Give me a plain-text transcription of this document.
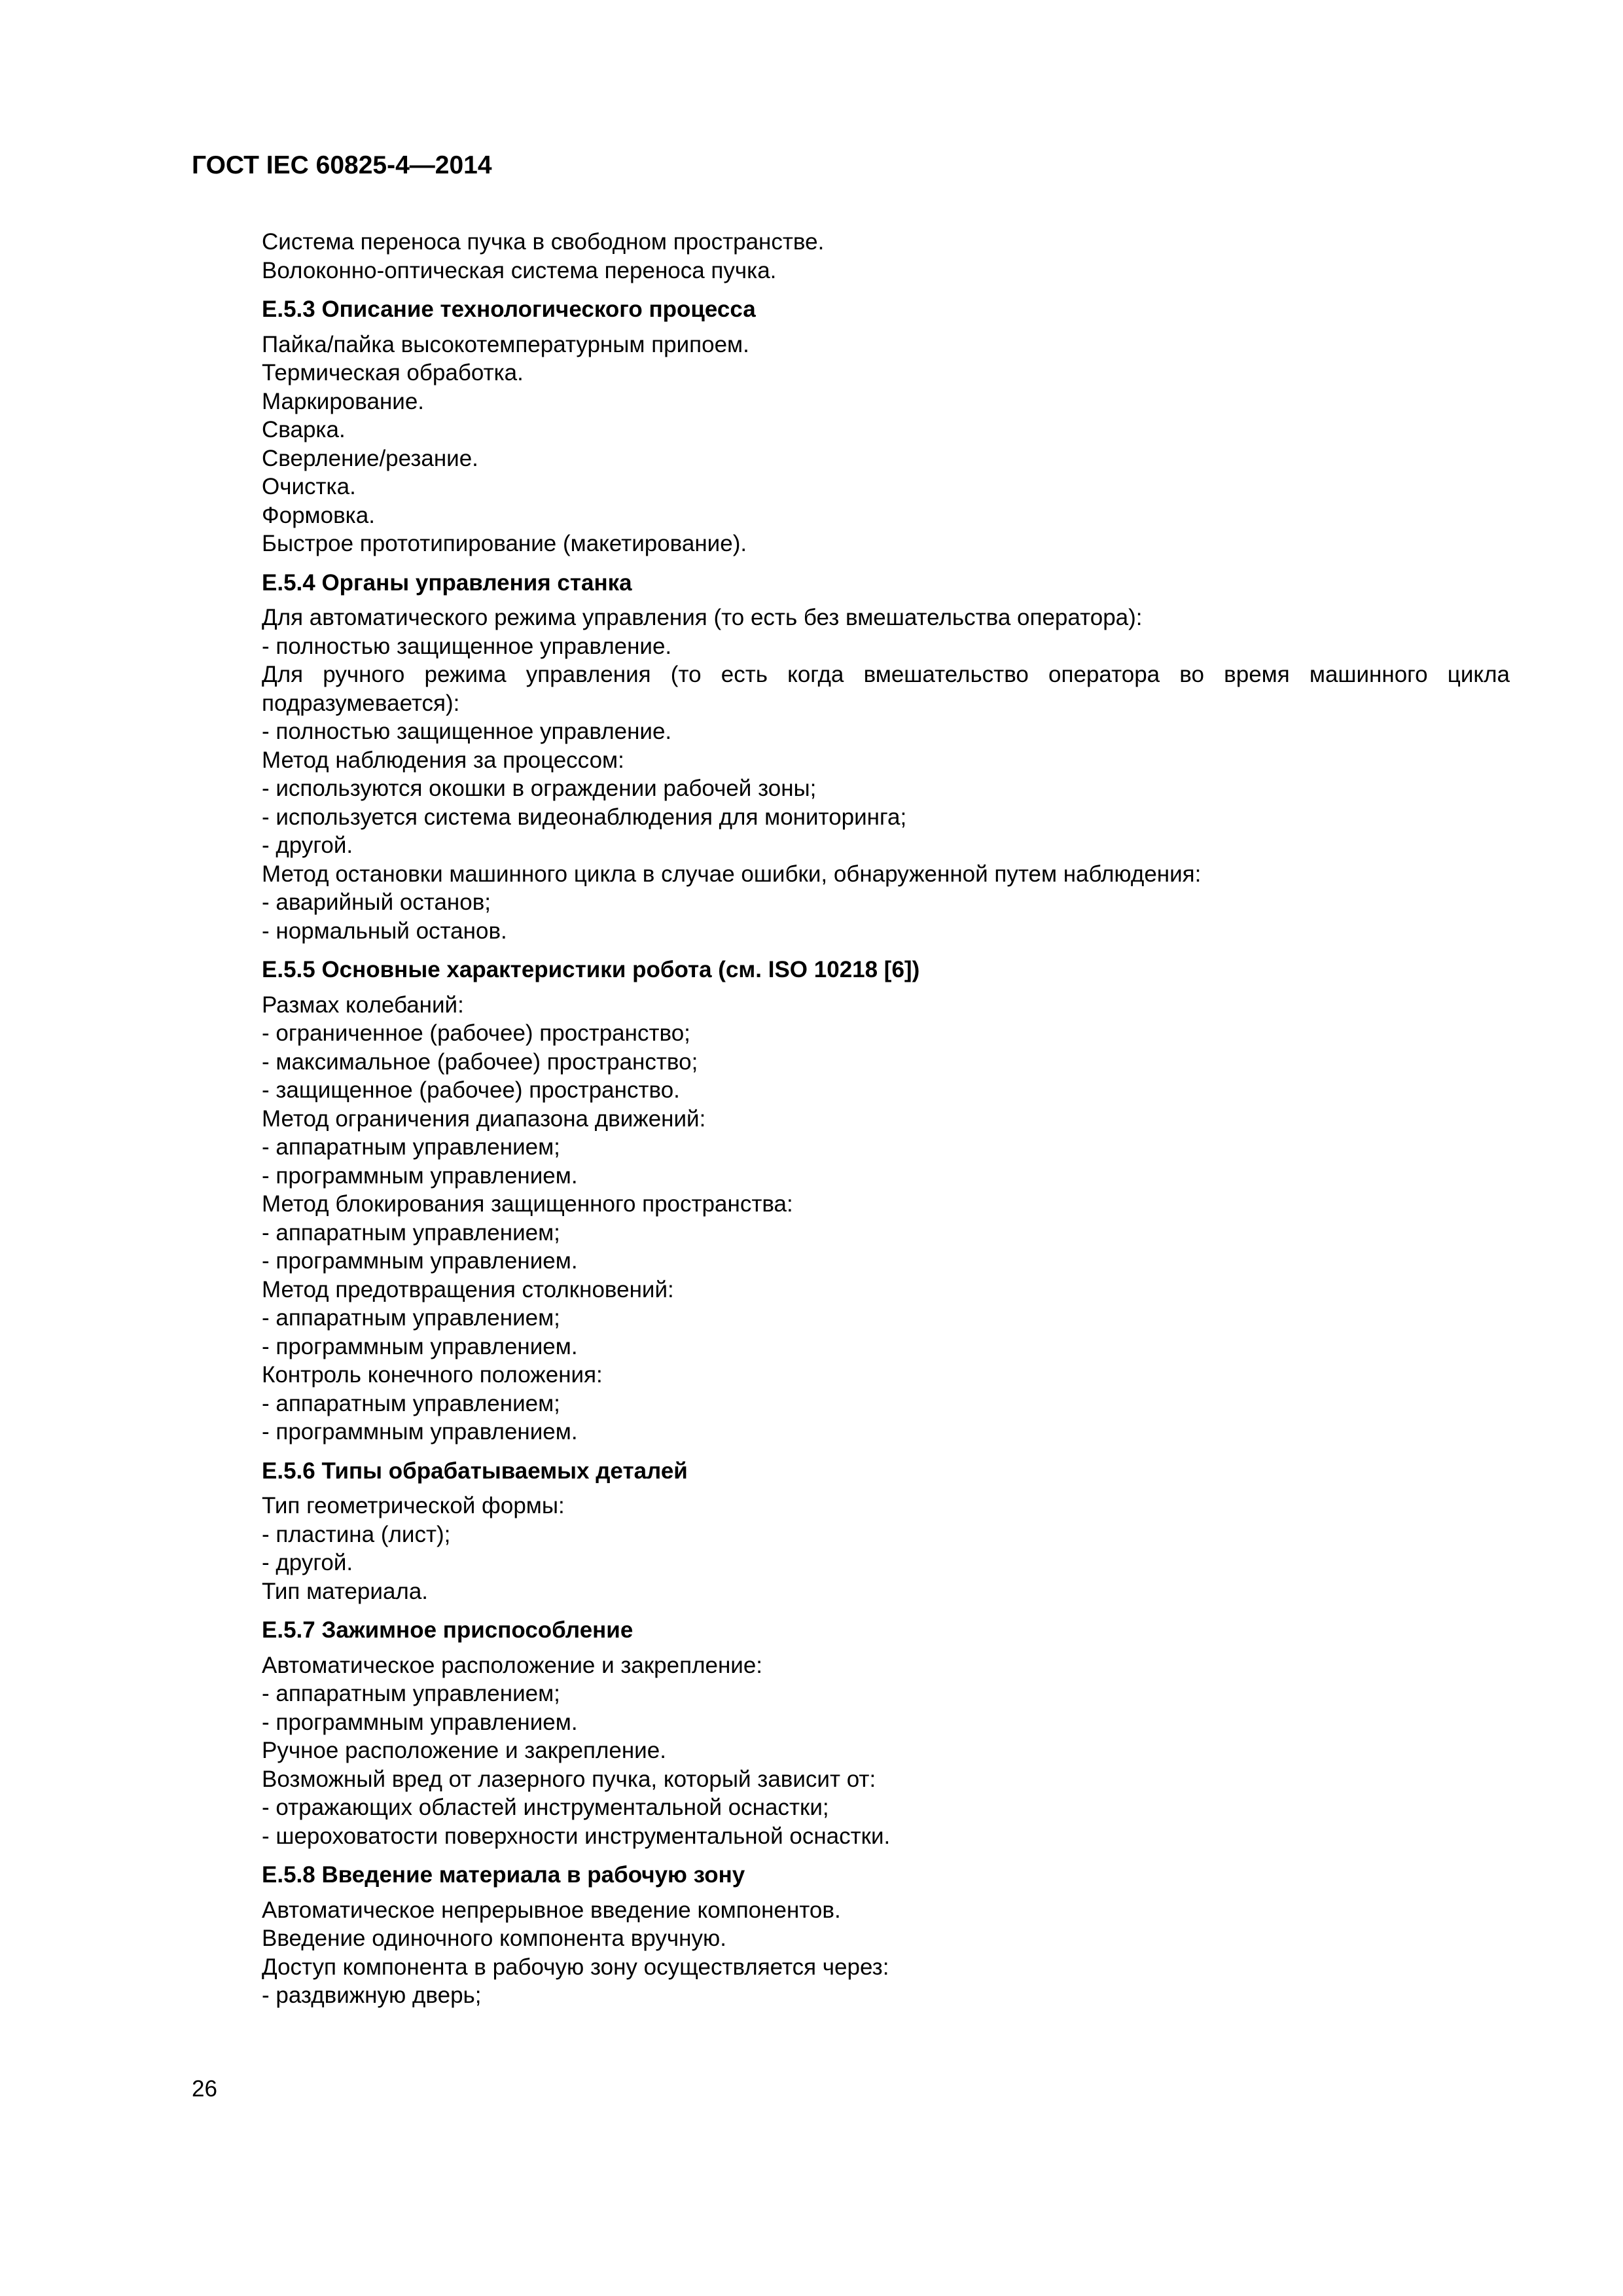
ГОСТ IEC 60825-4—2014
Система переноса пучка в свободном пространстве.
Волоконно-оптическая система переноса пучка.
E.5.3 Описание технологического процесса
Пайка/пайка высокотемпературным припоем.
Термическая обработка.
Маркирование.
Сварка.
Сверление/резание.
Очистка.
Формовка.
Быстрое прототипирование (макетирование).
E.5.4 Органы управления станка
Для автоматического режима управления (то есть без вмешательства оператора):
- полностью защищенное управление.
Для ручного режима управления (то есть когда вмешательство оператора во время машинного цикла подразумевается):
- полностью защищенное управление.
Метод наблюдения за процессом:
- используются окошки в ограждении рабочей зоны;
- используется система видеонаблюдения для мониторинга;
- другой.
Метод остановки машинного цикла в случае ошибки, обнаруженной путем наблюдения:
- аварийный останов;
- нормальный останов.
E.5.5 Основные характеристики робота (см. ISO 10218 [6])
Размах колебаний:
- ограниченное (рабочее) пространство;
- максимальное (рабочее) пространство;
- защищенное (рабочее) пространство.
Метод ограничения диапазона движений:
- аппаратным управлением;
- программным управлением.
Метод блокирования защищенного пространства:
- аппаратным управлением;
- программным управлением.
Метод предотвращения столкновений:
- аппаратным управлением;
- программным управлением.
Контроль конечного положения:
- аппаратным управлением;
- программным управлением.
E.5.6 Типы обрабатываемых деталей
Тип геометрической формы:
- пластина (лист);
- другой.
Тип материала.
E.5.7 Зажимное приспособление
Автоматическое расположение и закрепление:
- аппаратным управлением;
- программным управлением.
Ручное расположение и закрепление.
Возможный вред от лазерного пучка, который зависит от:
- отражающих областей инструментальной оснастки;
- шероховатости поверхности инструментальной оснастки.
E.5.8 Введение материала в рабочую зону
Автоматическое непрерывное введение компонентов.
Введение одиночного компонента вручную.
Доступ компонента в рабочую зону осуществляется через:
- раздвижную дверь;
26
